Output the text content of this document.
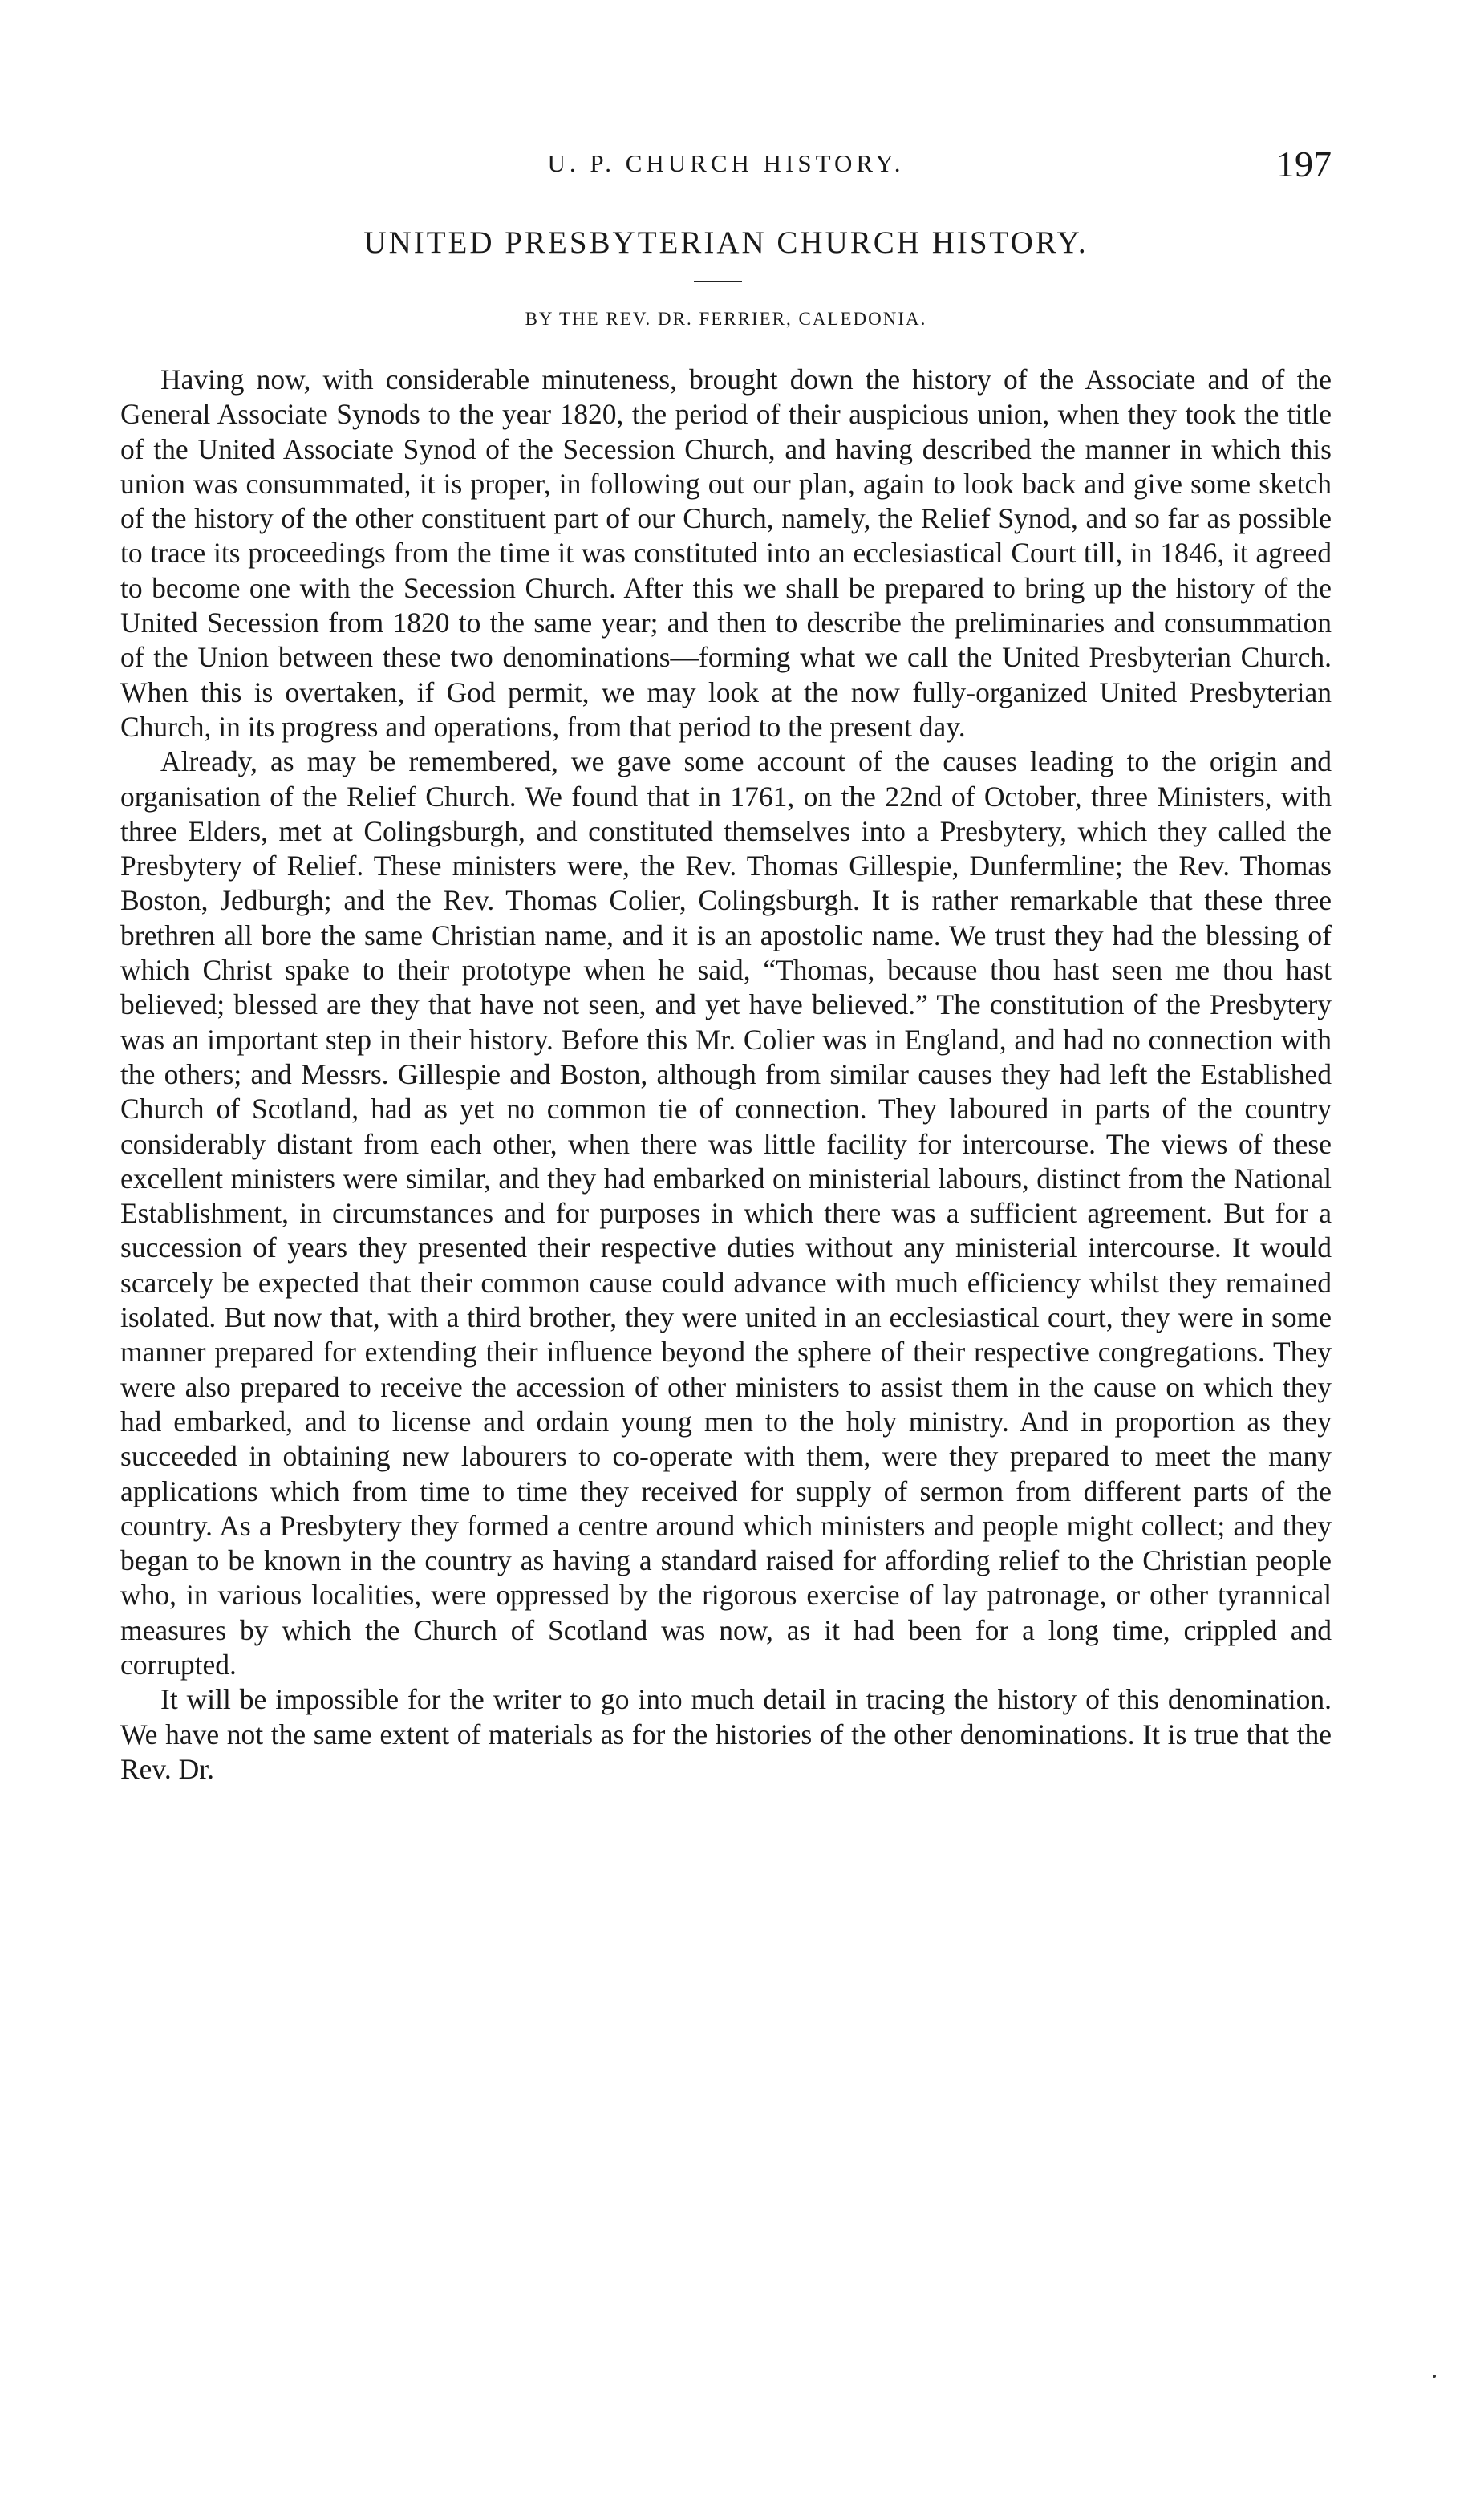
U. P. CHURCH HISTORY.	197
UNITED PRESBYTERIAN CHURCH HISTORY.
BY THE REV. DR. FERRIER, CALEDONIA.

Having now, with considerable minuteness, brought down the history of the Associate and of the General Associate Synods to the year 1820, the period of their auspicious union, when they took the title of the United Associate Synod of the Secession Church, and having described the manner in which this union was consummated, it is proper, in following out our plan, again to look back and give some sketch of the history of the other constituent part of our Church, namely, the Relief Synod, and so far as possible to trace its proceedings from the time it was constituted into an ecclesiastical Court till, in 1846, it agreed to become one with the Secession Church. After this we shall be prepared to bring up the history of the United Secession from 1820 to the same year; and then to describe the preliminaries and consummation of the Union between these two denominations—forming what we call the United Presbyterian Church. When this is overtaken, if God permit, we may look at the now fully-organized United Presbyterian Church, in its progress and operations, from that period to the present day.

Already, as may be remembered, we gave some account of the causes leading to the origin and organisation of the Relief Church. We found that in 1761, on the 22nd of October, three Ministers, with three Elders, met at Colingsburgh, and constituted themselves into a Presbytery, which they called the Presbytery of Relief. These ministers were, the Rev. Thomas Gillespie, Dunfermline; the Rev. Thomas Boston, Jedburgh; and the Rev. Thomas Colier, Colingsburgh. It is rather remarkable that these three brethren all bore the same Christian name, and it is an apostolic name. We trust they had the blessing of which Christ spake to their prototype when he said, “Thomas, because thou hast seen me thou hast believed; blessed are they that have not seen, and yet have believed.” The constitution of the Presbytery was an important step in their history. Before this Mr. Colier was in England, and had no connection with the others; and Messrs. Gillespie and Boston, although from similar causes they had left the Established Church of Scotland, had as yet no common tie of connection. They laboured in parts of the country considerably distant from each other, when there was little facility for intercourse. The views of these excellent ministers were similar, and they had embarked on ministerial labours, distinct from the National Establishment, in circumstances and for purposes in which there was a sufficient agreement. But for a succession of years they presented their respective duties without any ministerial intercourse. It would scarcely be expected that their common cause could advance with much efficiency whilst they remained isolated. But now that, with a third brother, they were united in an ecclesiastical court, they were in some manner prepared for extending their influence beyond the sphere of their respective congregations. They were also prepared to receive the accession of other ministers to assist them in the cause on which they had embarked, and to license and ordain young men to the holy ministry. And in proportion as they succeeded in obtaining new labourers to co-operate with them, were they prepared to meet the many applications which from time to time they received for supply of sermon from different parts of the country. As a Presbytery they formed a centre around which ministers and people might collect; and they began to be known in the country as having a standard raised for affording relief to the Christian people who, in various localities, were oppressed by the rigorous exercise of lay patronage, or other tyrannical measures by which the Church of Scotland was now, as it had been for a long time, crippled and corrupted.

It will be impossible for the writer to go into much detail in tracing the history of this denomination. We have not the same extent of materials as for the histories of the other denominations. It is true that the Rev. Dr.
